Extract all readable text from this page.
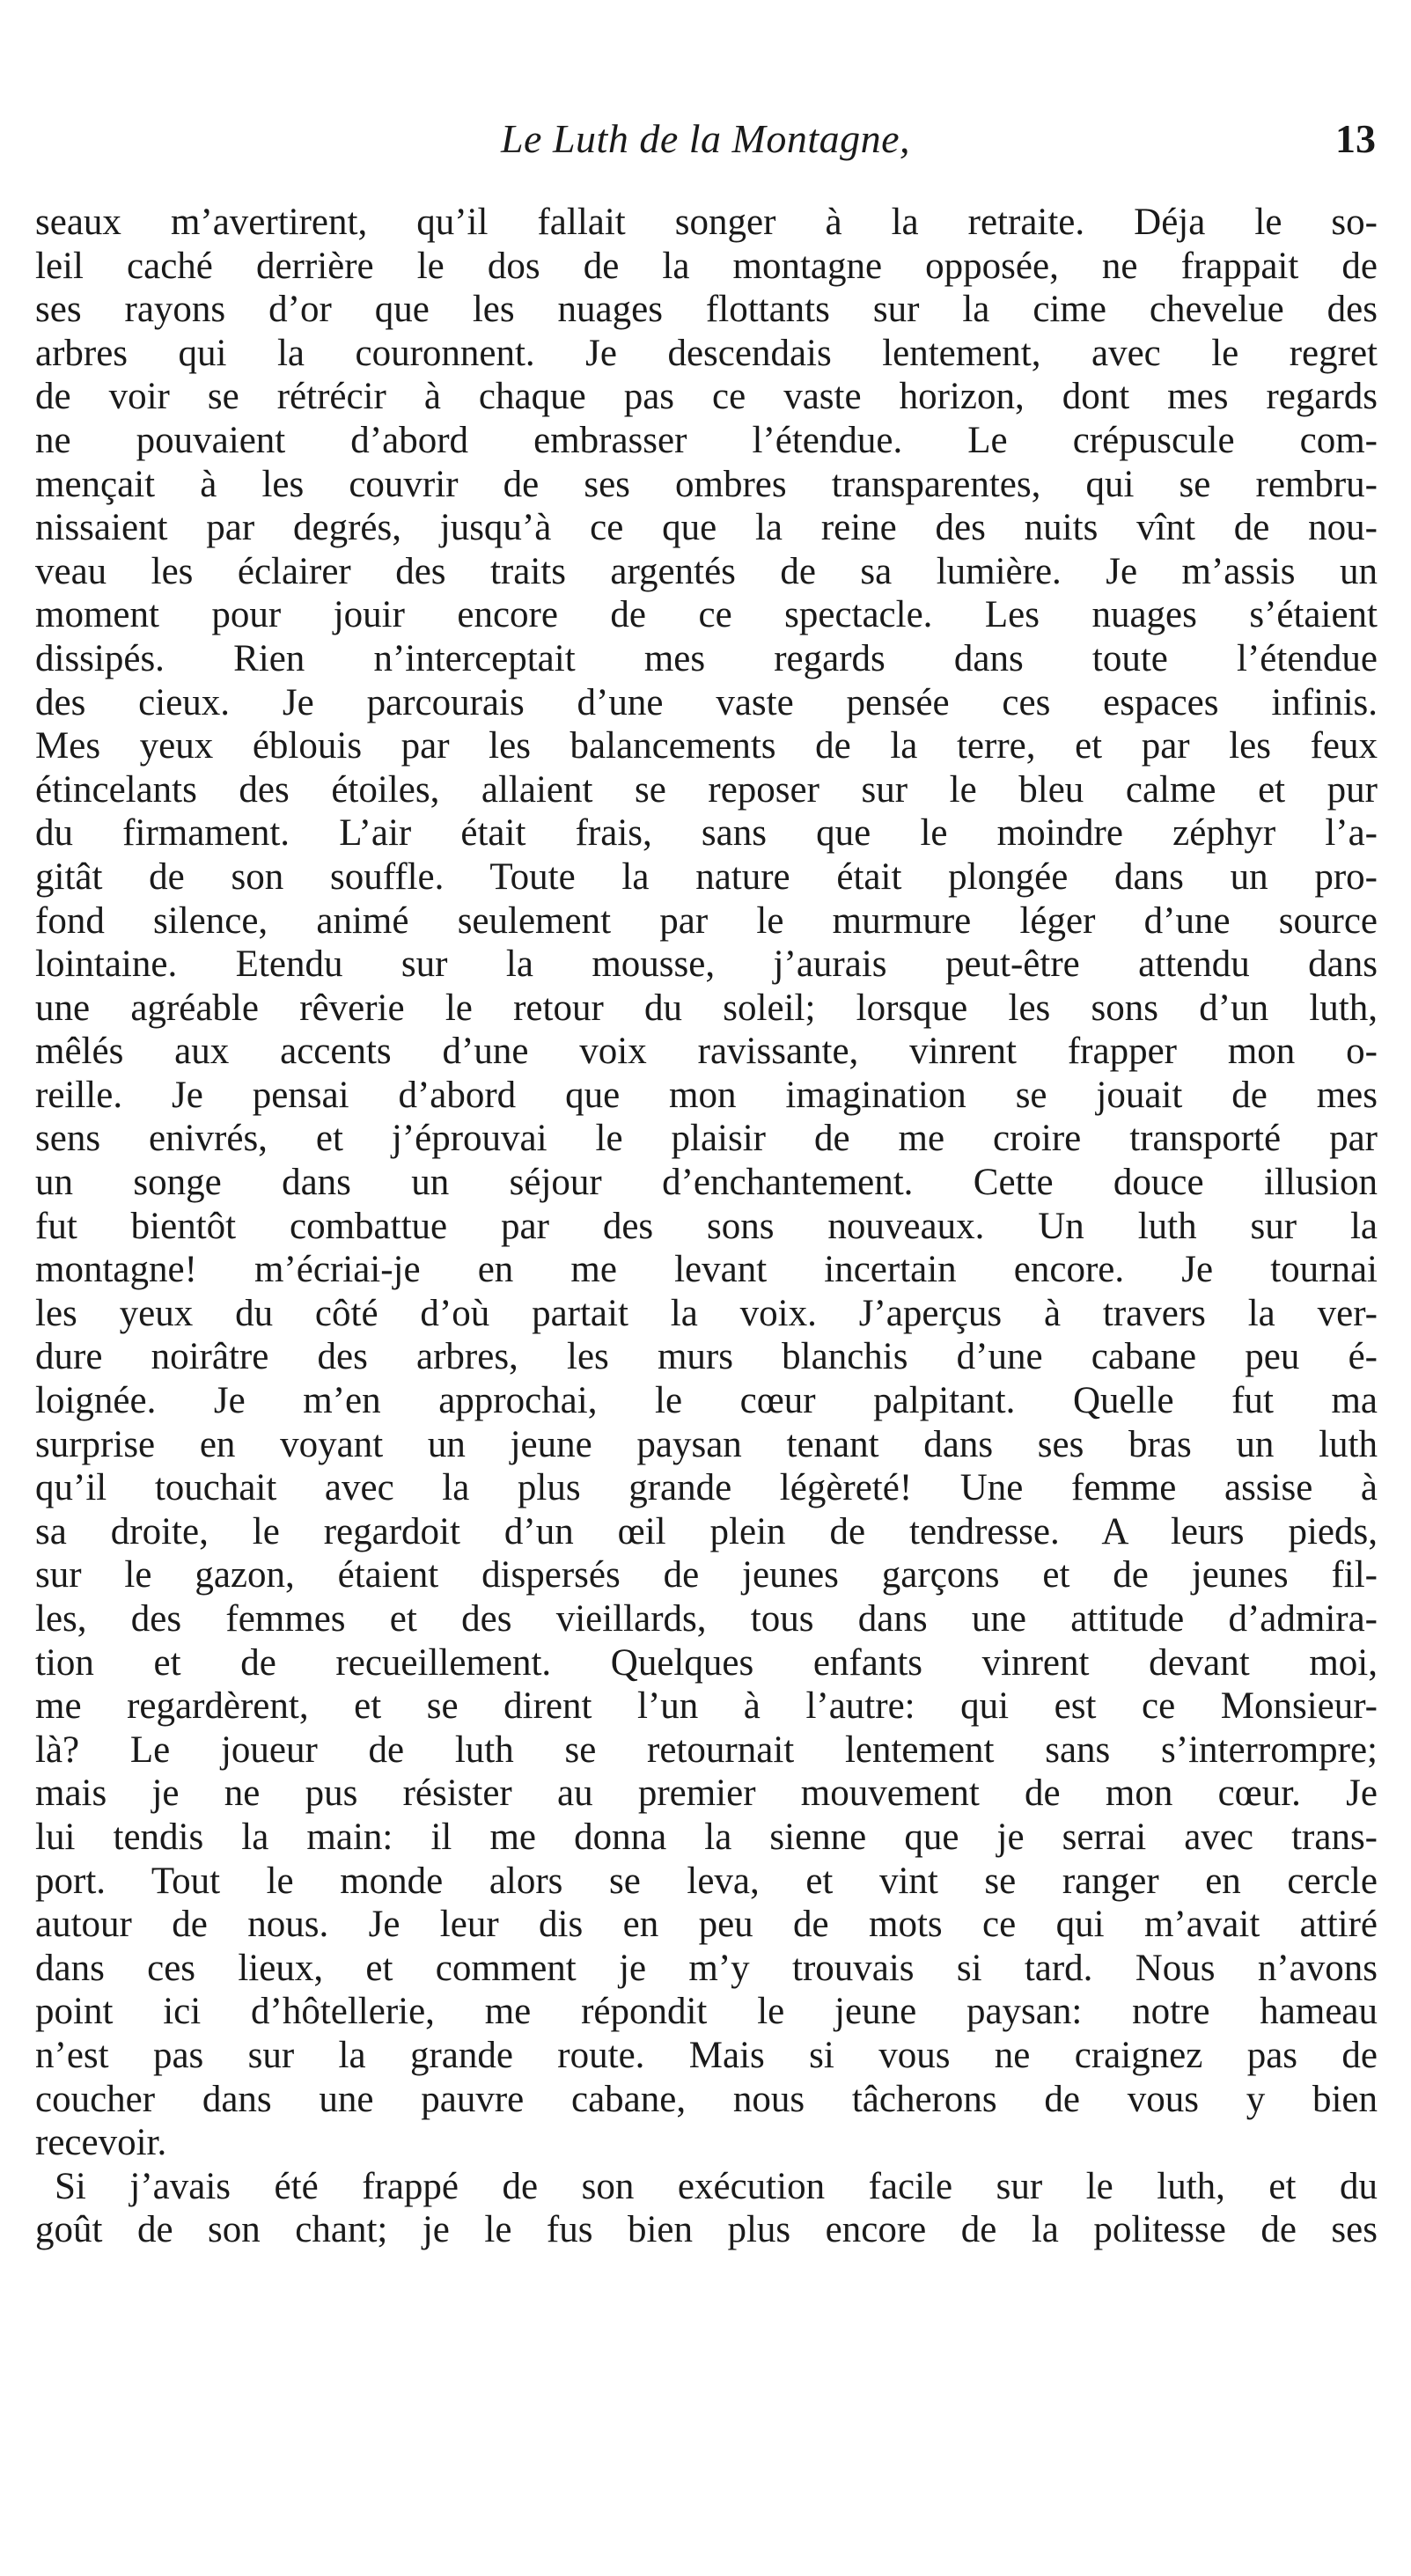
Le Luth de la Montagne,	13
seaux m’avertirent, qu’il fallait songer à la retraite. Déja le so-
leil caché derrière le dos de la montagne opposée, ne frappait de
ses rayons d’or que les nuages flottants sur la cime chevelue des
arbres qui la couronnent. Je descendais lentement, avec le regret
de voir se rétrécir à chaque pas ce vaste horizon, dont mes regards
ne pouvaient d’abord embrasser l’étendue. Le crépuscule com-
mençait à les couvrir de ses ombres transparentes, qui se rembru-
nissaient par degrés, jusqu’à ce que la reine des nuits vînt de nou-
veau les éclairer des traits argentés de sa lumière. Je m’assis un
moment pour jouir encore de ce spectacle. Les nuages s’étaient
dissipés. Rien n’interceptait mes regards dans toute l’étendue
des cieux. Je parcourais d’une vaste pensée ces espaces infinis.
Mes yeux éblouis par les balancements de la terre, et par les feux
étincelants des étoiles, allaient se reposer sur le bleu calme et pur
du firmament. L’air était frais, sans que le moindre zéphyr l’a-
gitât de son souffle. Toute la nature était plongée dans un pro-
fond silence, animé seulement par le murmure léger d’une source
lointaine. Etendu sur la mousse, j’aurais peut-être attendu dans
une agréable rêverie le retour du soleil; lorsque les sons d’un luth,
mêlés aux accents d’une voix ravissante, vinrent frapper mon o-
reille. Je pensai d’abord que mon imagination se jouait de mes
sens enivrés, et j’éprouvai le plaisir de me croire transporté par
un songe dans un séjour d’enchantement. Cette douce illusion
fut bientôt combattue par des sons nouveaux. Un luth sur la
montagne! m’écriai-je en me levant incertain encore. Je tournai
les yeux du côté d’où partait la voix. J’aperçus à travers la ver-
dure noirâtre des arbres, les murs blanchis d’une cabane peu é-
loignée. Je m’en approchai, le cœur palpitant. Quelle fut ma
surprise en voyant un jeune paysan tenant dans ses bras un luth
qu’il touchait avec la plus grande légèreté! Une femme assise à
sa droite, le regardoit d’un œil plein de tendresse. A leurs pieds,
sur le gazon, étaient dispersés de jeunes garçons et de jeunes fil-
les, des femmes et des vieillards, tous dans une attitude d’admira-
tion et de recueillement. Quelques enfants vinrent devant moi,
me regardèrent, et se dirent l’un à l’autre: qui est ce Monsieur-
là? Le joueur de luth se retournait lentement sans s’interrompre;
mais je ne pus résister au premier mouvement de mon cœur. Je
lui tendis la main: il me donna la sienne que je serrai avec trans-
port. Tout le monde alors se leva, et vint se ranger en cercle
autour de nous. Je leur dis en peu de mots ce qui m’avait attiré
dans ces lieux, et comment je m’y trouvais si tard. Nous n’avons
point ici d’hôtellerie, me répondit le jeune paysan: notre hameau
n’est pas sur la grande route. Mais si vous ne craignez pas de
coucher dans une pauvre cabane, nous tâcherons de vous y bien
recevoir.
Si j’avais été frappé de son exécution facile sur le luth, et du
goût de son chant; je le fus bien plus encore de la politesse de ses
